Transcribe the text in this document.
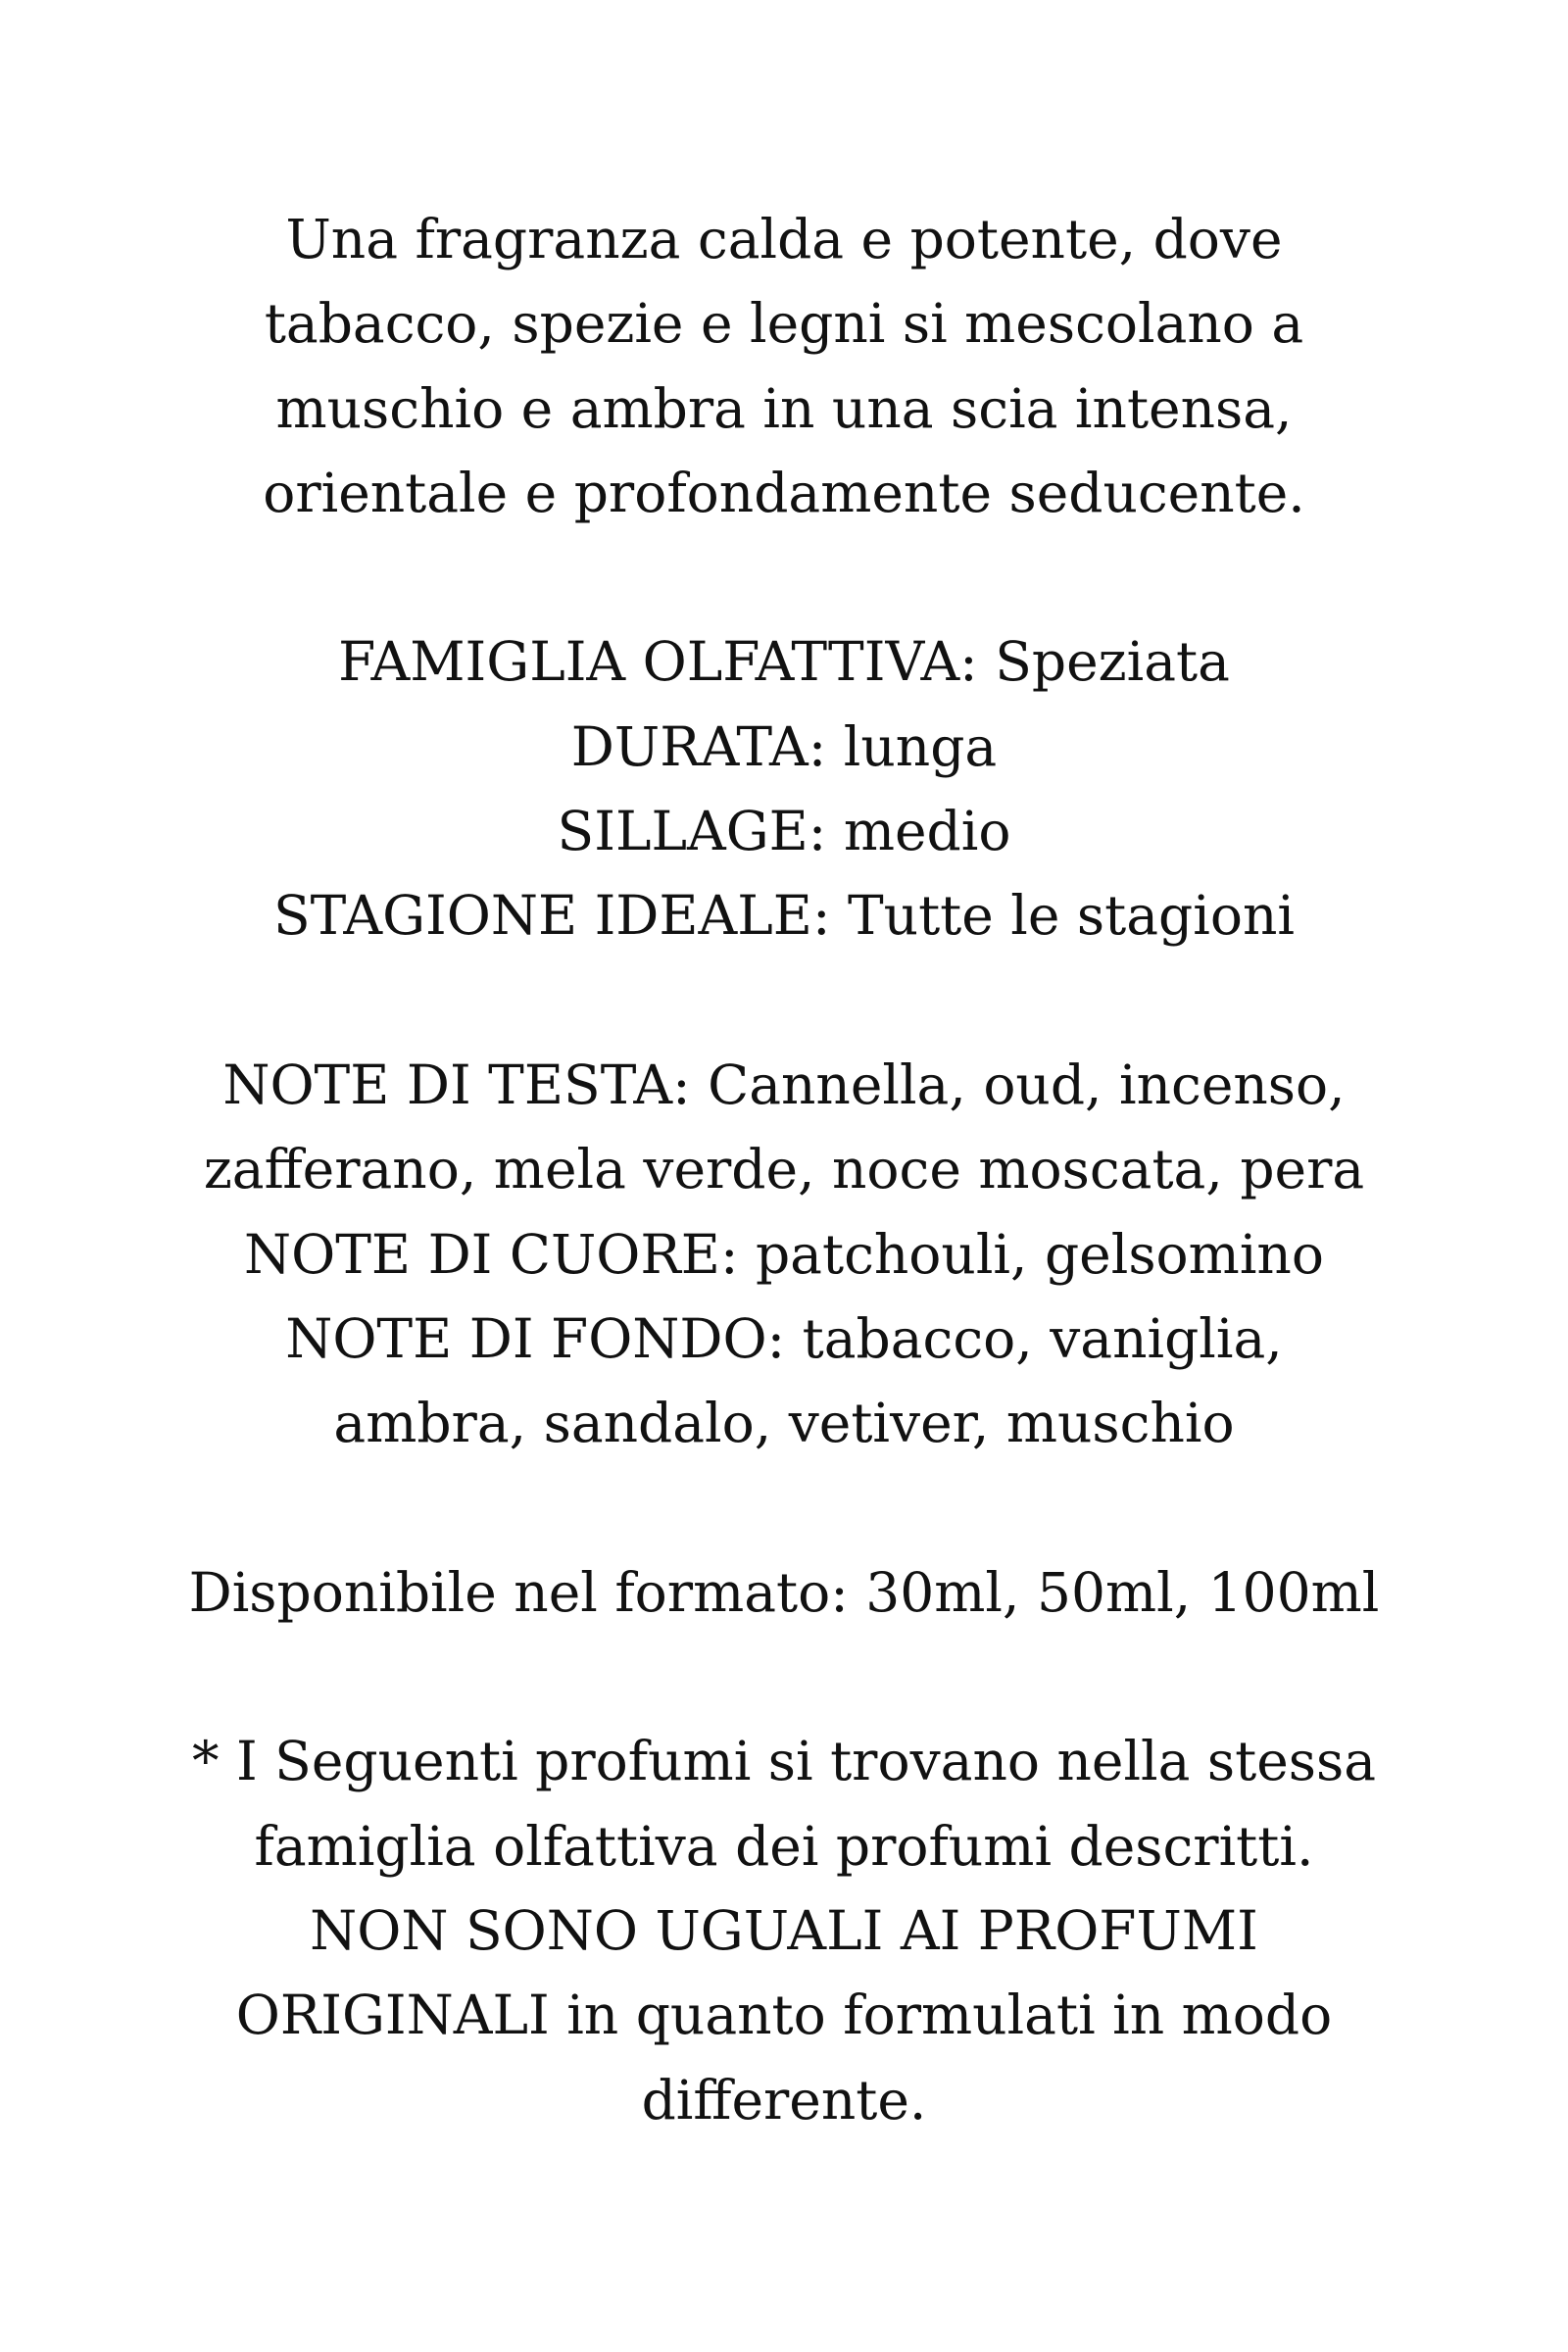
Una fragranza calda e potente, dove
tabacco, spezie e legni si mescolano a
muschio e ambra in una scia intensa,
orientale e profondamente seducente.

FAMIGLIA OLFATTIVA: Speziata
DURATA: lunga
SILLAGE: medio
STAGIONE IDEALE: Tutte le stagioni

NOTE DI TESTA: Cannella, oud, incenso,
zafferano, mela verde, noce moscata, pera
NOTE DI CUORE: patchouli, gelsomino
NOTE DI FONDO: tabacco, vaniglia,
ambra, sandalo, vetiver, muschio

Disponibile nel formato: 30ml, 50ml, 100ml

* I Seguenti profumi si trovano nella stessa
famiglia olfattiva dei profumi descritti.
NON SONO UGUALI AI PROFUMI
ORIGINALI in quanto formulati in modo
differente.
